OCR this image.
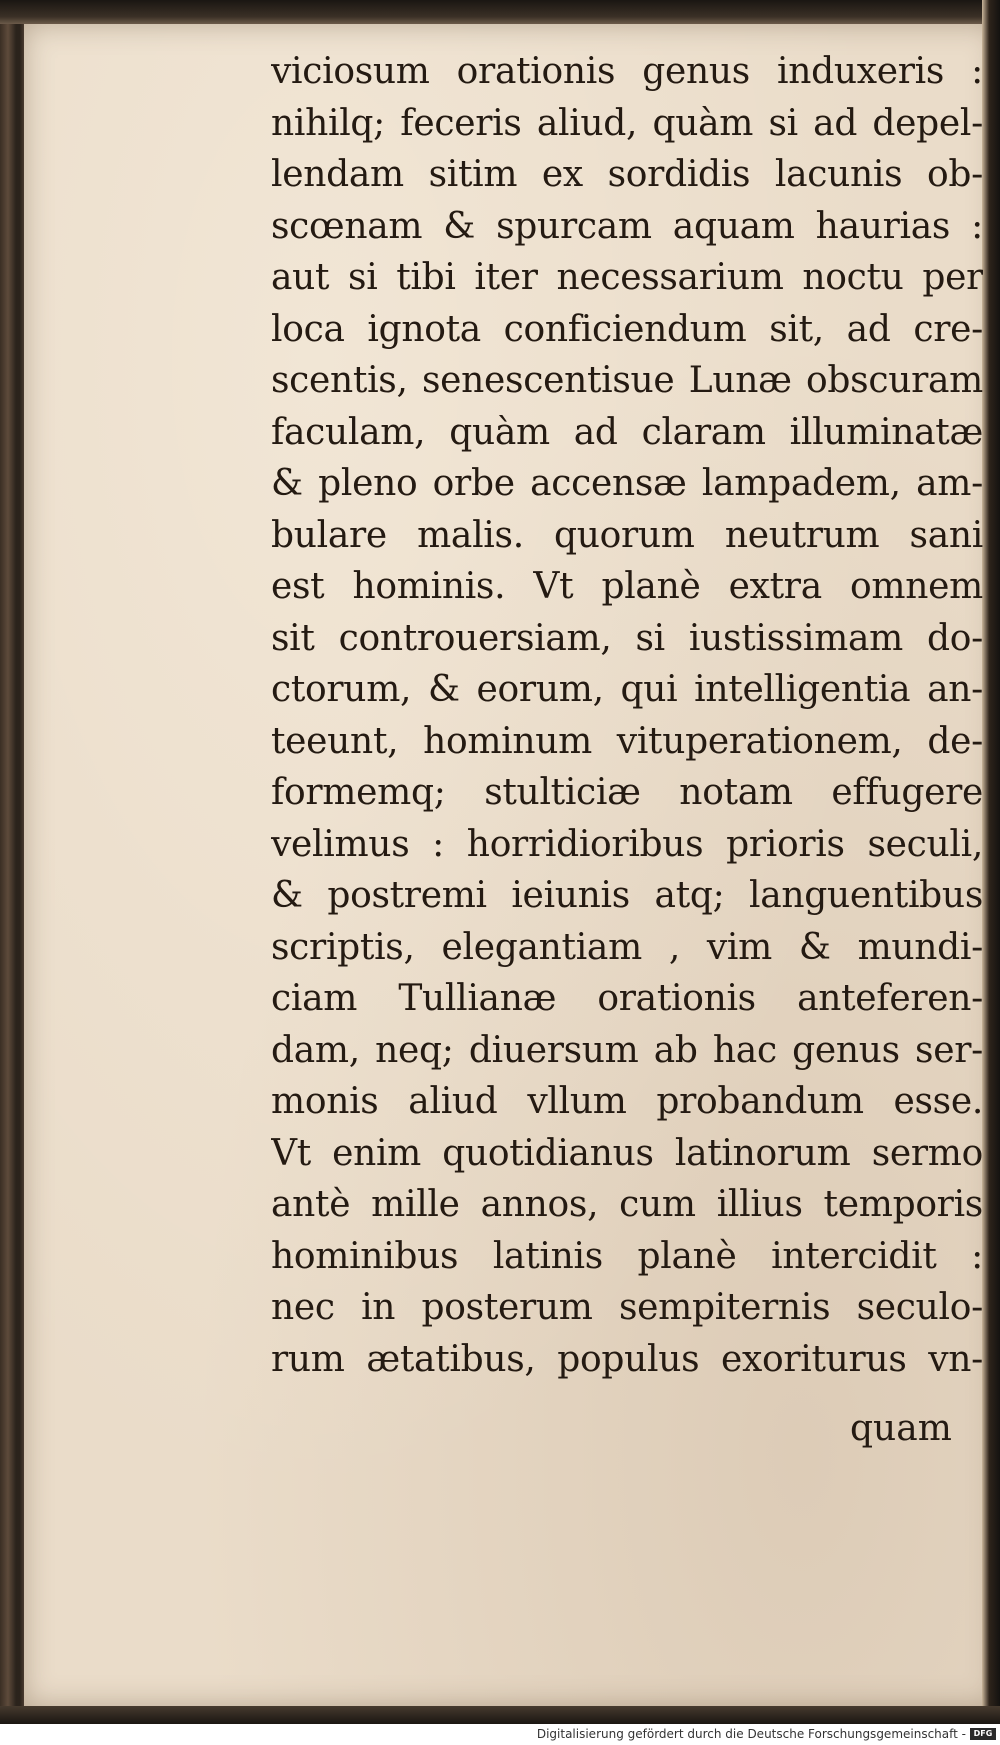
viciosum orationis genus induxeris :
nihilq; feceris aliud, quàm si ad depel-
lendam sitim ex sordidis lacunis ob-
scœnam & spurcam aquam haurias :
aut si tibi iter necessarium noctu per
loca ignota conficiendum sit, ad cre-
scentis, senescentisue Lunæ obscuram
faculam, quàm ad claram illuminatæ
& pleno orbe accensæ lampadem, am-
bulare malis. quorum neutrum sani
est hominis. Vt planè extra omnem
sit controuersiam, si iustissimam do-
ctorum, & eorum, qui intelligentia an-
teeunt, hominum vituperationem, de-
formemq; stulticiæ notam effugere
velimus : horridioribus prioris seculi,
& postremi ieiunis atq; languentibus
scriptis, elegantiam , vim & mundi-
ciam Tullianæ orationis anteferen-
dam, neq; diuersum ab hac genus ser-
monis aliud vllum probandum esse.
Vt enim quotidianus latinorum sermo
antè mille annos, cum illius temporis
hominibus latinis planè intercidit :
nec in posterum sempiternis seculo-
rum ætatibus, populus exoriturus vn-
quam
Digitalisierung gefördert durch die Deutsche Forschungsgemeinschaft - DFG
